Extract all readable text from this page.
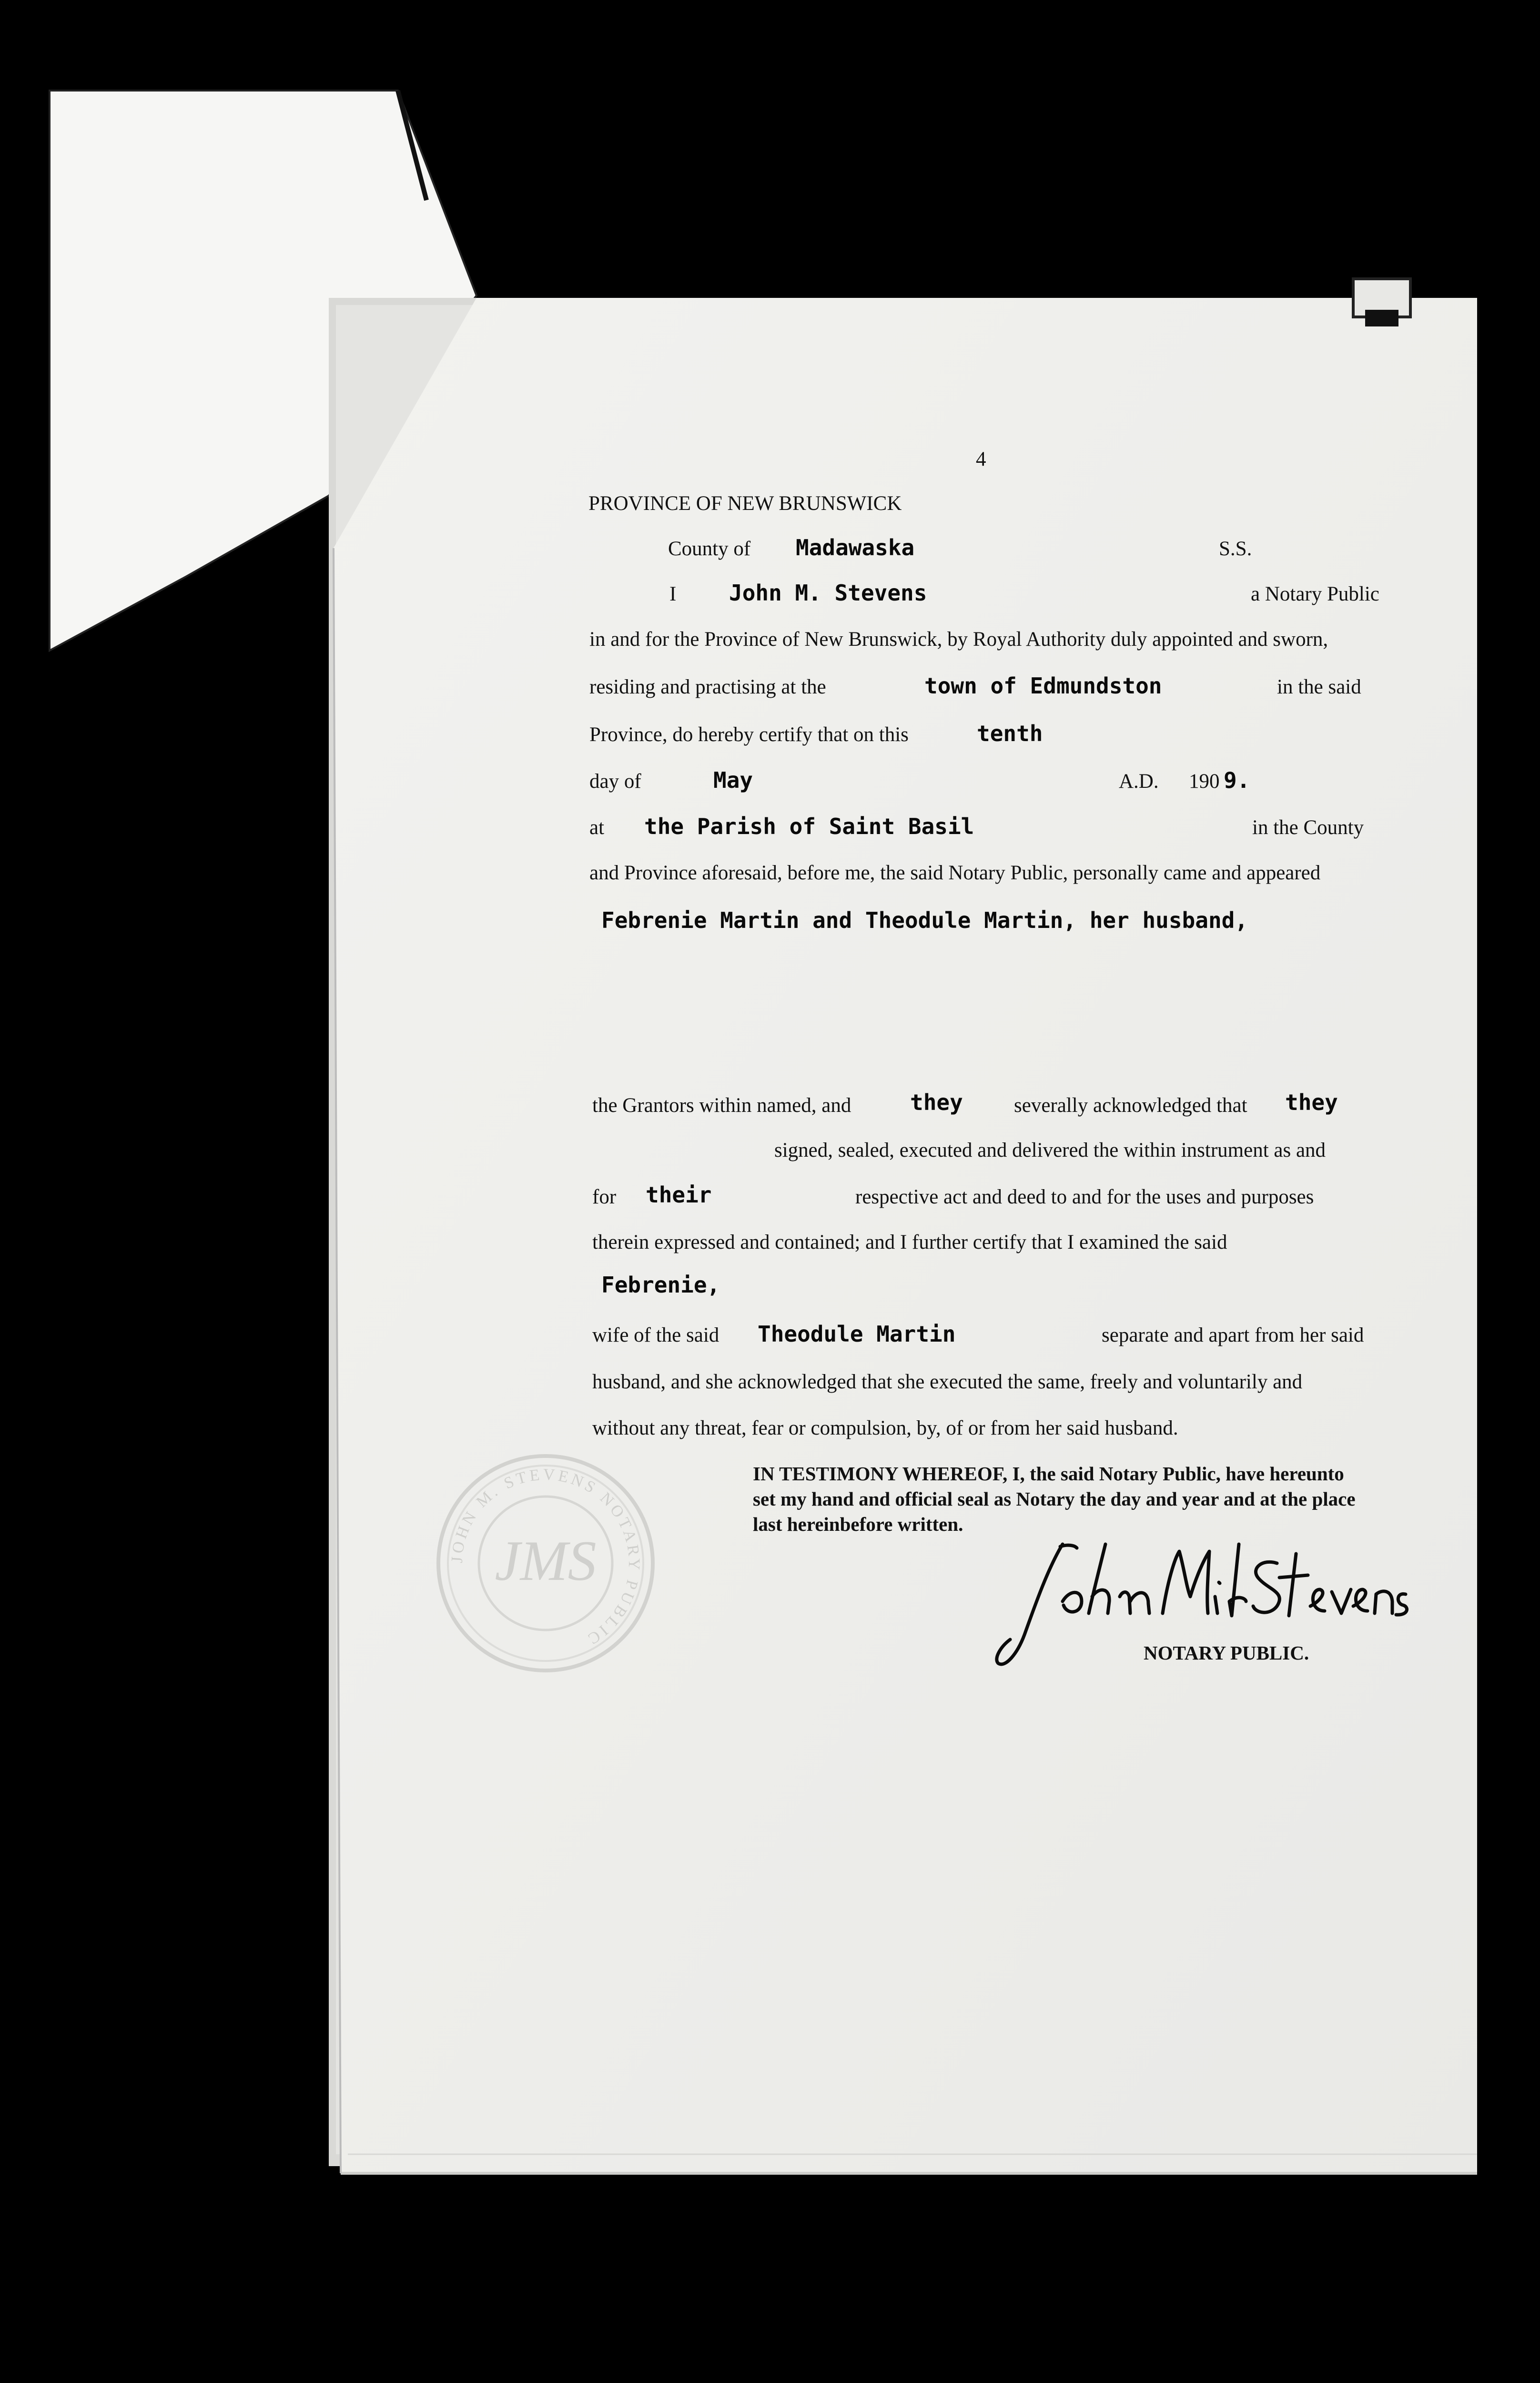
4
PROVINCE OF NEW BRUNSWICK
County of Madawaska	S.S.
I John M. Stevens	a Notary Public
in and for the Province of New Brunswick, by Royal Authority duly appointed and sworn,
residing and practising at the	town of Edmundston	in the said
Province, do hereby certify that on this	tenth
day of	May	A.D. 190 9.
at the Parish of Saint Basil	in the County
and Province aforesaid, before me, the said Notary Public, personally came and appeared
Febrenie Martin and Theodule Martin, her husband,
the Grantors within named, and	they severally acknowledged that they
signed, sealed, executed and delivered the within instrument as and
for their	respective act and deed to and for the uses and purposes
therein expressed and contained; and I further certify that I examined the said
Febrenie,
wife of the said Theodule Martin	separate and apart from her said
husband, and she acknowledged that she executed the same, freely and voluntarily and
without any threat, fear or compulsion, by, of or from her said husband.
IN TESTIMONY WHEREOF, I, the said Notary Public, have hereunto
set my hand and official seal as Notary the day and year and at the place
last hereinbefore written.
JOHN M. STEVENS NOTARY PUBLIC
JMS
John M. Stevens
NOTARY PUBLIC.
